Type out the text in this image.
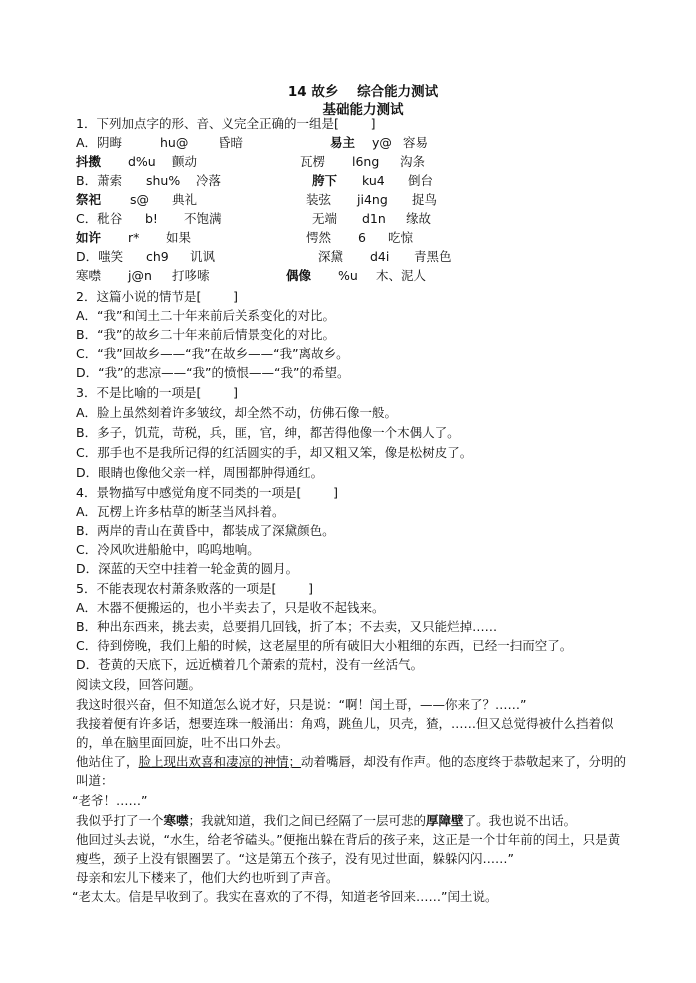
14 故乡    综合能力测试
基础能力测试
1．下列加点字的形、音、义完全正确的一组是[        ]
A．阴晦	hu@ 昏暗	易主 y@ 容易
抖擞 d%u 颤动	瓦楞 l6ng 沟条
B．萧索 shu% 冷落	胯下 ku4 倒台
祭祀 s@ 典礼	装弦 ji4ng 捉鸟
C．秕谷 b! 不饱满	无端 d1n 缘故
如许 r* 如果	愕然 6 吃惊
D．嗤笑 ch9 讥讽	深黛 d4i 青黑色
寒噤 j@n 打哆嗦	偶像 %u 木、泥人
2．这篇小说的情节是[        ]
A．“我”和闰土二十年来前后关系变化的对比。
B．“我”的故乡二十年来前后情景变化的对比。
C．“我”回故乡——“我”在故乡——“我”离故乡。
D．“我”的悲凉——“我”的愤恨——“我”的希望。
3．不是比喻的一项是[        ]
A．脸上虽然刻着许多皱纹，却全然不动，仿佛石像一般。
B．多子，饥荒，苛税，兵，匪，官，绅，都苦得他像一个木偶人了。
C．那手也不是我所记得的红活圆实的手，却又粗又笨，像是松树皮了。
D．眼睛也像他父亲一样，周围都肿得通红。
4．景物描写中感觉角度不同类的一项是[        ]
A．瓦楞上许多枯草的断茎当风抖着。
B．两岸的青山在黄昏中，都装成了深黛颜色。
C．冷风吹进船舱中，呜呜地响。
D．深蓝的天空中挂着一轮金黄的圆月。
5．不能表现农村萧条败落的一项是[        ]
A．木器不便搬运的，也小半卖去了，只是收不起钱来。
B．种出东西来，挑去卖，总要捐几回钱，折了本；不去卖，又只能烂掉……
C．待到傍晚，我们上船的时候，这老屋里的所有破旧大小粗细的东西，已经一扫而空了。
D．苍黄的天底下，远近横着几个萧索的荒村，没有一丝活气。
阅读文段，回答问题。
我这时很兴奋，但不知道怎么说才好，只是说：“啊！闰土哥，——你来了？……”
我接着便有许多话，想要连珠一般涌出：角鸡，跳鱼儿，贝壳，猹，……但又总觉得被什么挡着似的，单在脑里面回旋，吐不出口外去。
他站住了，脸上现出欢喜和凄凉的神情；动着嘴唇，却没有作声。他的态度终于恭敬起来了，分明的叫道：
“老爷！……”
我似乎打了一个寒噤；我就知道，我们之间已经隔了一层可悲的厚障壁了。我也说不出话。
他回过头去说，“水生，给老爷磕头。”便拖出躲在背后的孩子来，这正是一个廿年前的闰土，只是黄瘦些，颈子上没有银圈罢了。“这是第五个孩子，没有见过世面，躲躲闪闪……”
母亲和宏儿下楼来了，他们大约也听到了声音。
“老太太。信是早收到了。我实在喜欢的了不得，知道老爷回来……”闰土说。
